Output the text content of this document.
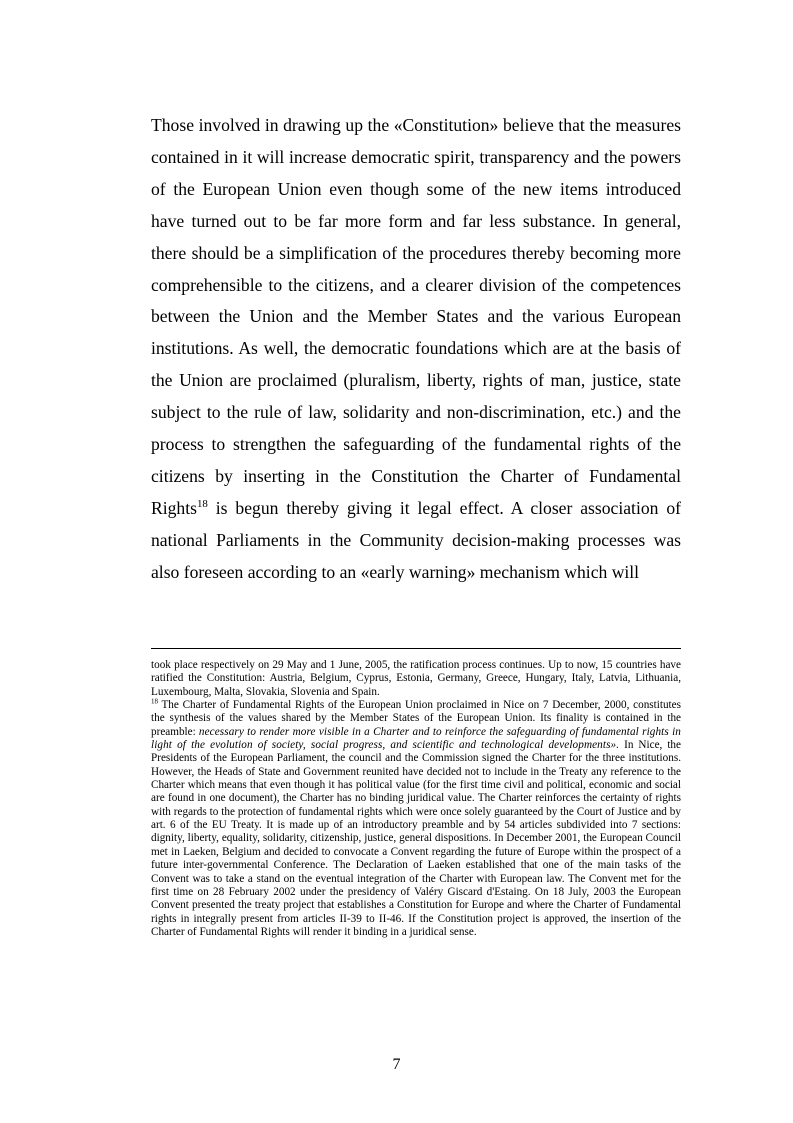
Those involved in drawing up the «Constitution» believe that the measures contained in it will increase democratic spirit, transparency and the powers of the European Union even though some of the new items introduced have turned out to be far more form and far less substance. In general, there should be a simplification of the procedures thereby becoming more comprehensible to the citizens, and a clearer division of the competences between the Union and the Member States and the various European institutions. As well, the democratic foundations which are at the basis of the Union are proclaimed (pluralism, liberty, rights of man, justice, state subject to the rule of law, solidarity and non-discrimination, etc.) and the process to strengthen the safeguarding of the fundamental rights of the citizens by inserting in the Constitution the Charter of Fundamental Rights$^{18}$ is begun thereby giving it legal effect. A closer association of national Parliaments in the Community decision-making processes was also foreseen according to an «early warning» mechanism which will

took place respectively on 29 May and 1 June, 2005, the ratification process continues. Up to now, 15 countries have ratified the Constitution: Austria, Belgium, Cyprus, Estonia, Germany, Greece, Hungary, Italy, Latvia, Lithuania, Luxembourg, Malta, Slovakia, Slovenia and Spain.

$^{18}$ The Charter of Fundamental Rights of the European Union proclaimed in Nice on 7 December, 2000, constitutes the synthesis of the values shared by the Member States of the European Union. Its finality is contained in the preamble: necessary to render more visible in a Charter and to reinforce the safeguarding of fundamental rights in light of the evolution of society, social progress, and scientific and technological developments». In Nice, the Presidents of the European Parliament, the council and the Commission signed the Charter for the three institutions. However, the Heads of State and Government reunited have decided not to include in the Treaty any reference to the Charter which means that even though it has political value (for the first time civil and political, economic and social are found in one document), the Charter has no binding juridical value. The Charter reinforces the certainty of rights with regards to the protection of fundamental rights which were once solely guaranteed by the Court of Justice and by art. 6 of the EU Treaty. It is made up of an introductory preamble and by 54 articles subdivided into 7 sections: dignity, liberty, equality, solidarity, citizenship, justice, general dispositions. In December 2001, the European Council met in Laeken, Belgium and decided to convocate a Convent regarding the future of Europe within the prospect of a future inter-governmental Conference. The Declaration of Laeken established that one of the main tasks of the Convent was to take a stand on the eventual integration of the Charter with European law. The Convent met for the first time on 28 February 2002 under the presidency of Valéry Giscard d'Estaing. On 18 July, 2003 the European Convent presented the treaty project that establishes a Constitution for Europe and where the Charter of Fundamental rights in integrally present from articles II-39 to II-46. If the Constitution project is approved, the insertion of the Charter of Fundamental Rights will render it binding in a juridical sense.

7
